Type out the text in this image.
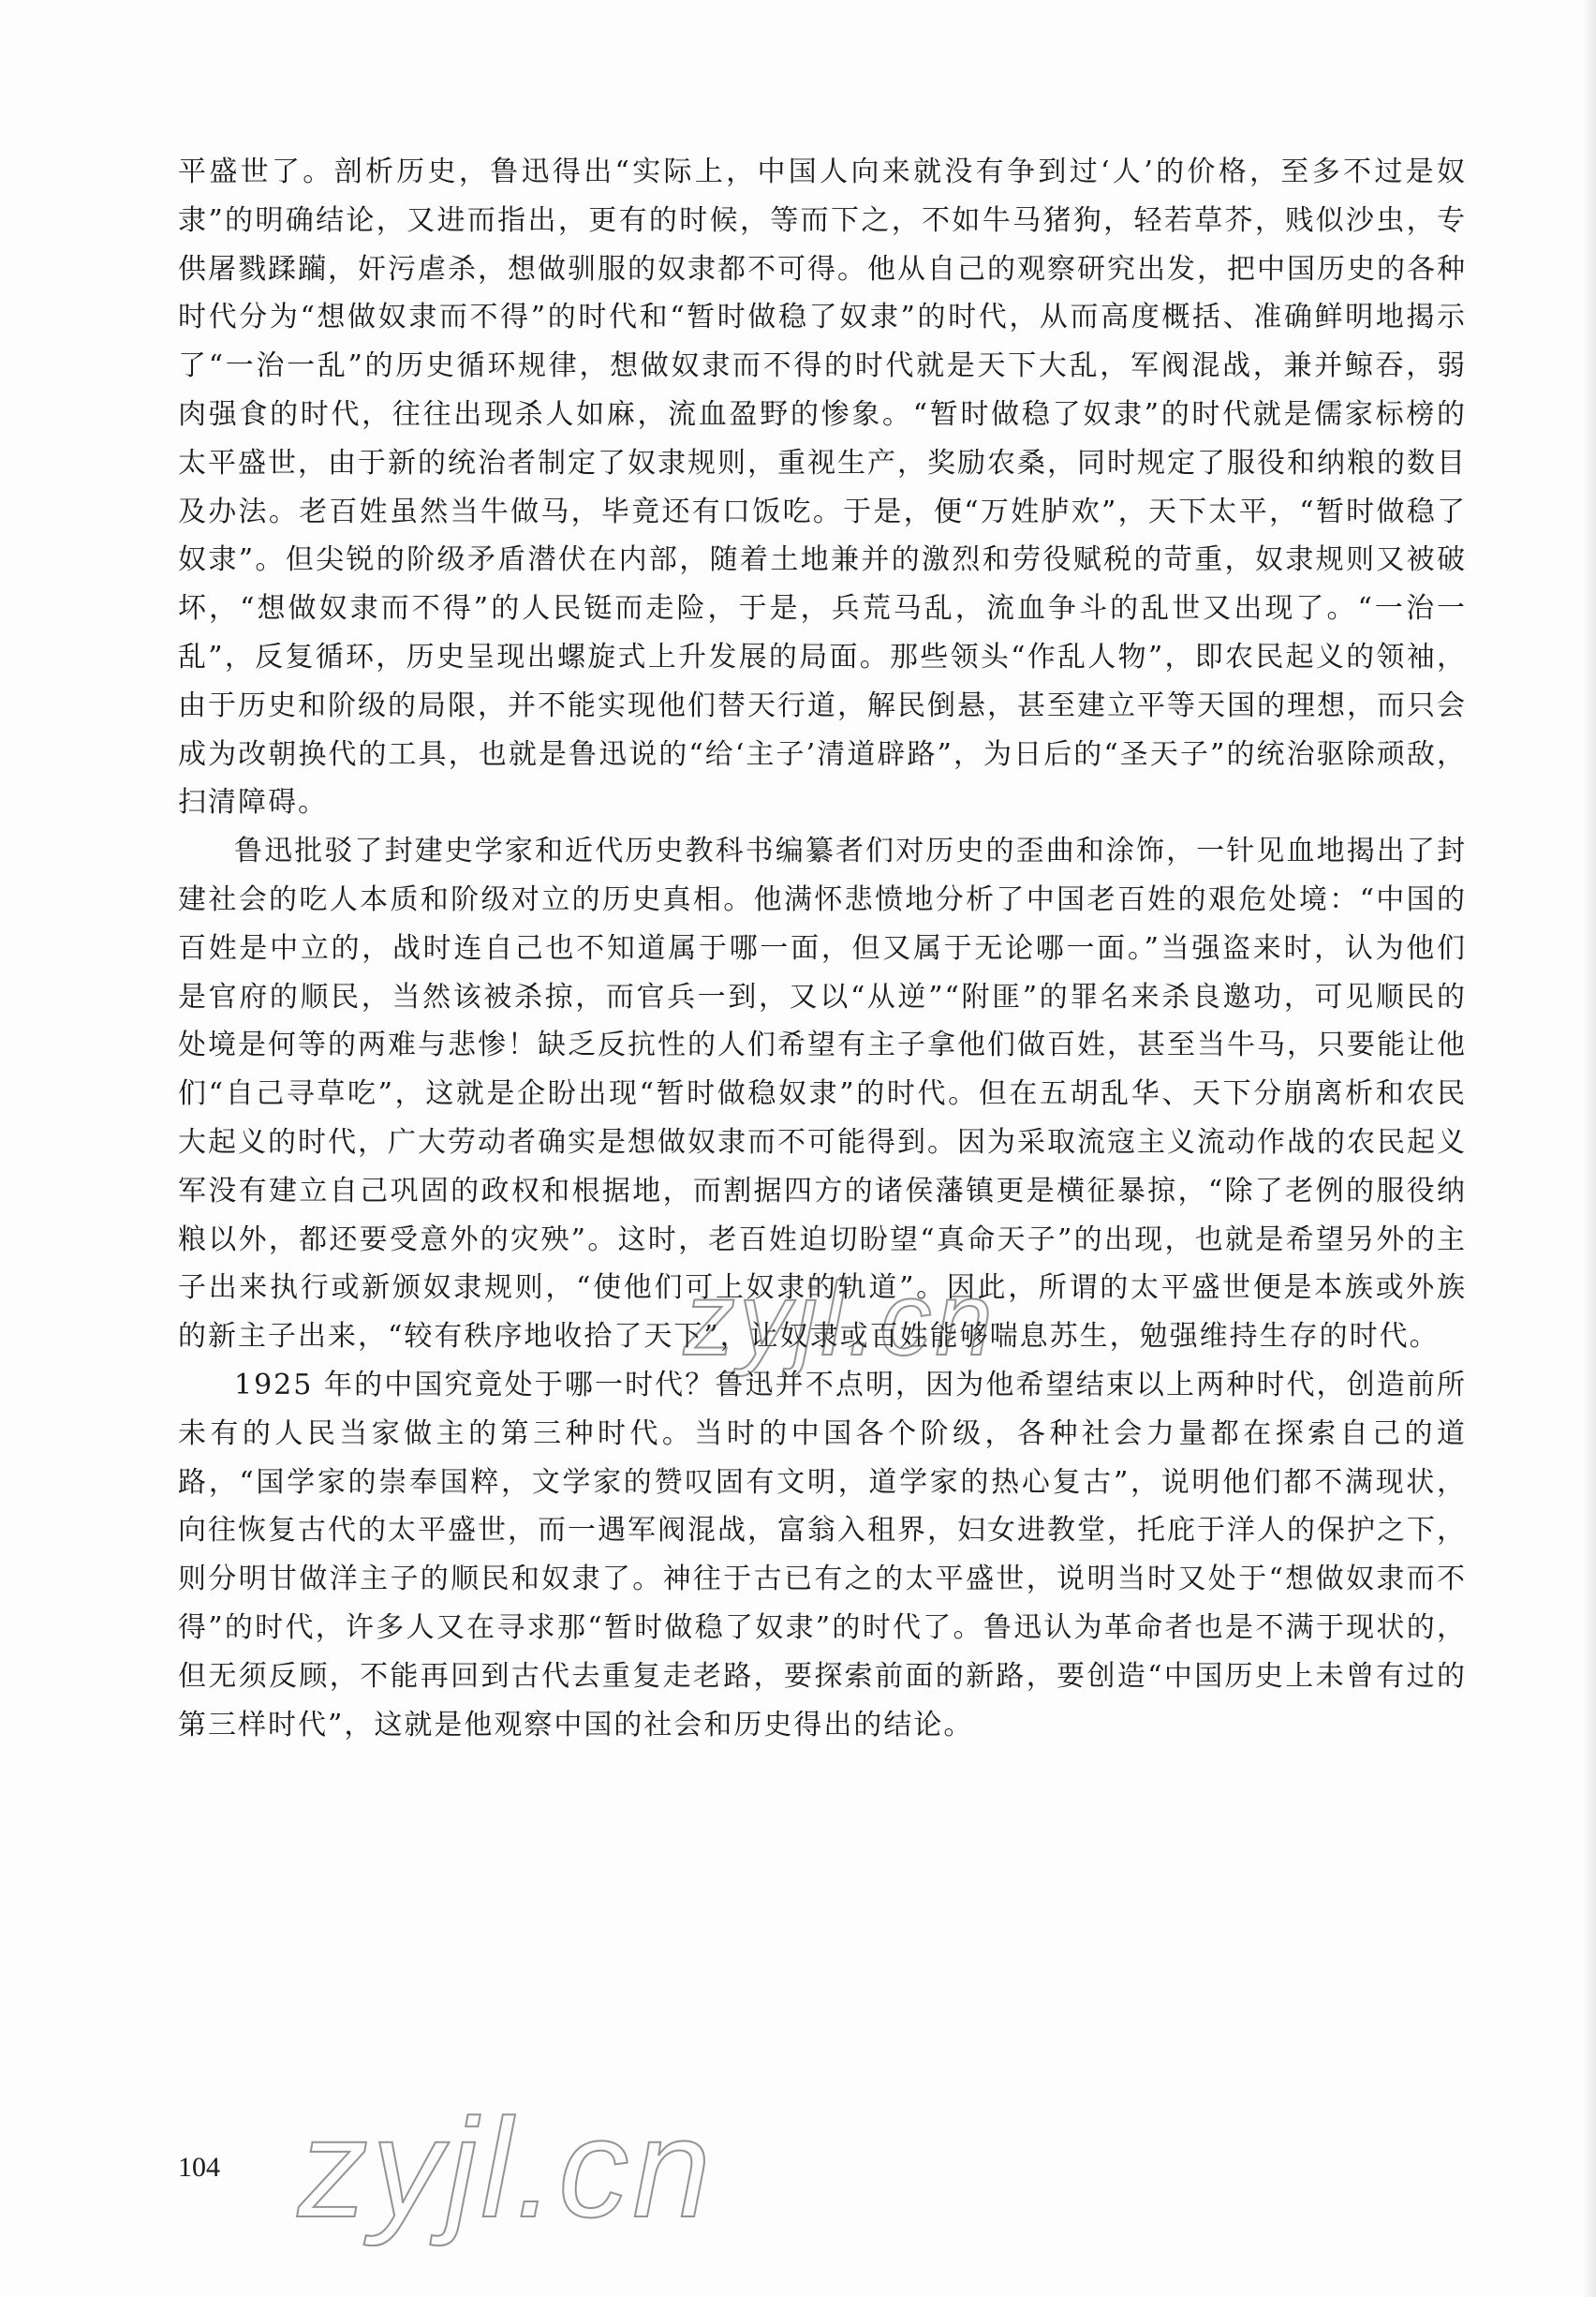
平盛世了。剖析历史，鲁迅得出“实际上，中国人向来就没有争到过‘人’的价格，至多不过是奴隶”的明确结论，又进而指出，更有的时候，等而下之，不如牛马猪狗，轻若草芥，贱似沙虫，专供屠戮蹂躏，奸污虐杀，想做驯服的奴隶都不可得。他从自己的观察研究出发，把中国历史的各种时代分为“想做奴隶而不得”的时代和“暂时做稳了奴隶”的时代，从而高度概括、准确鲜明地揭示了“一治一乱”的历史循环规律，想做奴隶而不得的时代就是天下大乱，军阀混战，兼并鲸吞，弱肉强食的时代，往往出现杀人如麻，流血盈野的惨象。“暂时做稳了奴隶”的时代就是儒家标榜的太平盛世，由于新的统治者制定了奴隶规则，重视生产，奖励农桑，同时规定了服役和纳粮的数目及办法。老百姓虽然当牛做马，毕竟还有口饭吃。于是，便“万姓胪欢”，天下太平，“暂时做稳了奴隶”。但尖锐的阶级矛盾潜伏在内部，随着土地兼并的激烈和劳役赋税的苛重，奴隶规则又被破坏，“想做奴隶而不得”的人民铤而走险，于是，兵荒马乱，流血争斗的乱世又出现了。“一治一乱”，反复循环，历史呈现出螺旋式上升发展的局面。那些领头“作乱人物”，即农民起义的领袖，由于历史和阶级的局限，并不能实现他们替天行道，解民倒悬，甚至建立平等天国的理想，而只会成为改朝换代的工具，也就是鲁迅说的“给‘主子’清道辟路”，为日后的“圣天子”的统治驱除顽敌，扫清障碍。

鲁迅批驳了封建史学家和近代历史教科书编纂者们对历史的歪曲和涂饰，一针见血地揭出了封建社会的吃人本质和阶级对立的历史真相。他满怀悲愤地分析了中国老百姓的艰危处境：“中国的百姓是中立的，战时连自己也不知道属于哪一面，但又属于无论哪一面。”当强盗来时，认为他们是官府的顺民，当然该被杀掠，而官兵一到，又以“从逆”“附匪”的罪名来杀良邀功，可见顺民的处境是何等的两难与悲惨！缺乏反抗性的人们希望有主子拿他们做百姓，甚至当牛马，只要能让他们“自己寻草吃”，这就是企盼出现“暂时做稳奴隶”的时代。但在五胡乱华、天下分崩离析和农民大起义的时代，广大劳动者确实是想做奴隶而不可能得到。因为采取流寇主义流动作战的农民起义军没有建立自己巩固的政权和根据地，而割据四方的诸侯藩镇更是横征暴掠，“除了老例的服役纳粮以外，都还要受意外的灾殃”。这时，老百姓迫切盼望“真命天子”的出现，也就是希望另外的主子出来执行或新颁奴隶规则，“使他们可上奴隶的轨道”。因此，所谓的太平盛世便是本族或外族的新主子出来，“较有秩序地收拾了天下”，让奴隶或百姓能够喘息苏生，勉强维持生存的时代。

1925 年的中国究竟处于哪一时代？鲁迅并不点明，因为他希望结束以上两种时代，创造前所未有的人民当家做主的第三种时代。当时的中国各个阶级，各种社会力量都在探索自己的道路，“国学家的崇奉国粹，文学家的赞叹固有文明，道学家的热心复古”，说明他们都不满现状，向往恢复古代的太平盛世，而一遇军阀混战，富翁入租界，妇女进教堂，托庇于洋人的保护之下，则分明甘做洋主子的顺民和奴隶了。神往于古已有之的太平盛世，说明当时又处于“想做奴隶而不得”的时代，许多人又在寻求那“暂时做稳了奴隶”的时代了。鲁迅认为革命者也是不满于现状的，但无须反顾，不能再回到古代去重复走老路，要探索前面的新路，要创造“中国历史上未曾有过的第三样时代”，这就是他观察中国的社会和历史得出的结论。

zyjl.cn
zyjl.cn
104
